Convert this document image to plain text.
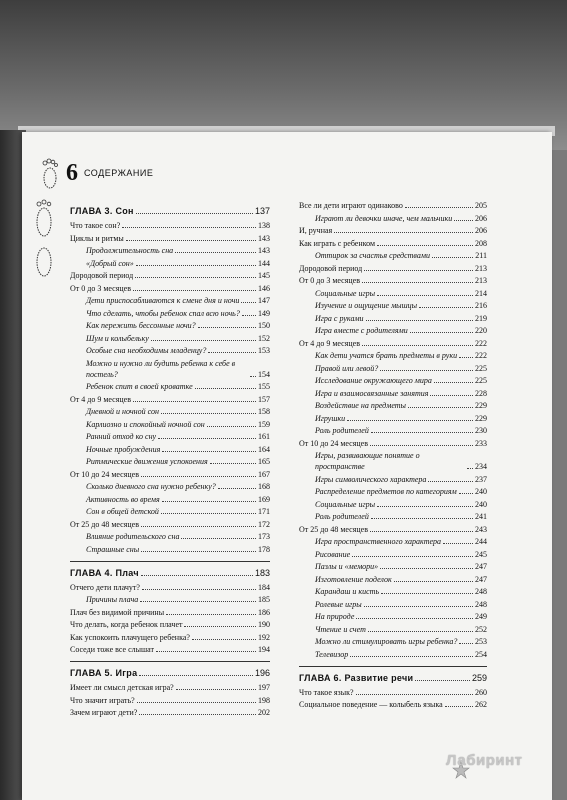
6 СОДЕРЖАНИЕ
ГЛАВА 3. Сон	137
Что такое сон?	138
Циклы и ритмы	143
Продолжительность сна	143
«Добрый сон»	144
Дородовой период	145
От 0 до 3 месяцев	146
Дети приспосабливаются к смене дня и ночи 147
Что сделать, чтобы ребенок спал всю ночь? 149
Как пережить бессонные ночи?	150
Шум и колыбельку	152
Особые сна необходимы младенцу?	153
Можно и нужно ли будить ребенка к себе в постель?	154
Ребенок спит в своей кроватке	155
От 4 до 9 месяцев	157
Дневной и ночной сон	158
Карлиозно и спокойный ночной сон	159
Ранний отход ко сну	161
Ночные пробуждения	164
Ритмические движения успокоения	165
От 10 до 24 месяцев	167
Сколько дневного сна нужно ребенку?	168
Активность во время	169
Сон в общей детской	171
От 25 до 48 месяцев	172
Влияние родительского сна	173
Страшные сны	178
ГЛАВА 4. Плач	183
Отчего дети плачут?	184
Причины плача	185
Плач без видимой причины	186
Что делать, когда ребенок плачет	190
Как успокоить плачущего ребенка?	192
Соседи тоже все слышат	194
ГЛАВА 5. Игра	196
Имеет ли смысл детская игра?	197
Что значит играть?	198
Зачем играют дети?	202
Все ли дети играют одинаково	205
Играют ли девочки иначе, чем мальчики	206
И, ручная	206
Как играть с ребенком	208
Оттирок за счастья средствами	211
Дородовой период	213
От 0 до 3 месяцев	213
Социальные игры	214
Изучение и ощущение мышцы	216
Игра с руками	219
Игра вместе с родителями	220
От 4 до 9 месяцев	222
Как дети учатся брать предметы в руки 222
Правой или левой?	225
Исследование окружающего мира	225
Игра и взаимосвязанные занятия	228
Воздействие на предметы	229
Игрушки	229
Роль родителей	230
От 10 до 24 месяцев	233
Игры, развивающие понятие о пространстве	234
Игры символического характера	237
Распределение предметов по категориям 240
Социальные игры	240
Роль родителей	241
От 25 до 48 месяцев	243
Игра пространственного характера	244
Рисование	245
Пазлы и «мемори»	247
Изготовление поделок	247
Карандаш и кисть	248
Ролевые игры	248
На природе	249
Чтение и счет	252
Можно ли стимулировать игры ребенка? 253
Телевизор	254
ГЛАВА 6. Развитие речи	259
Что такое язык?	260
Социальное поведение — колыбель языка	262
Лабиринт
